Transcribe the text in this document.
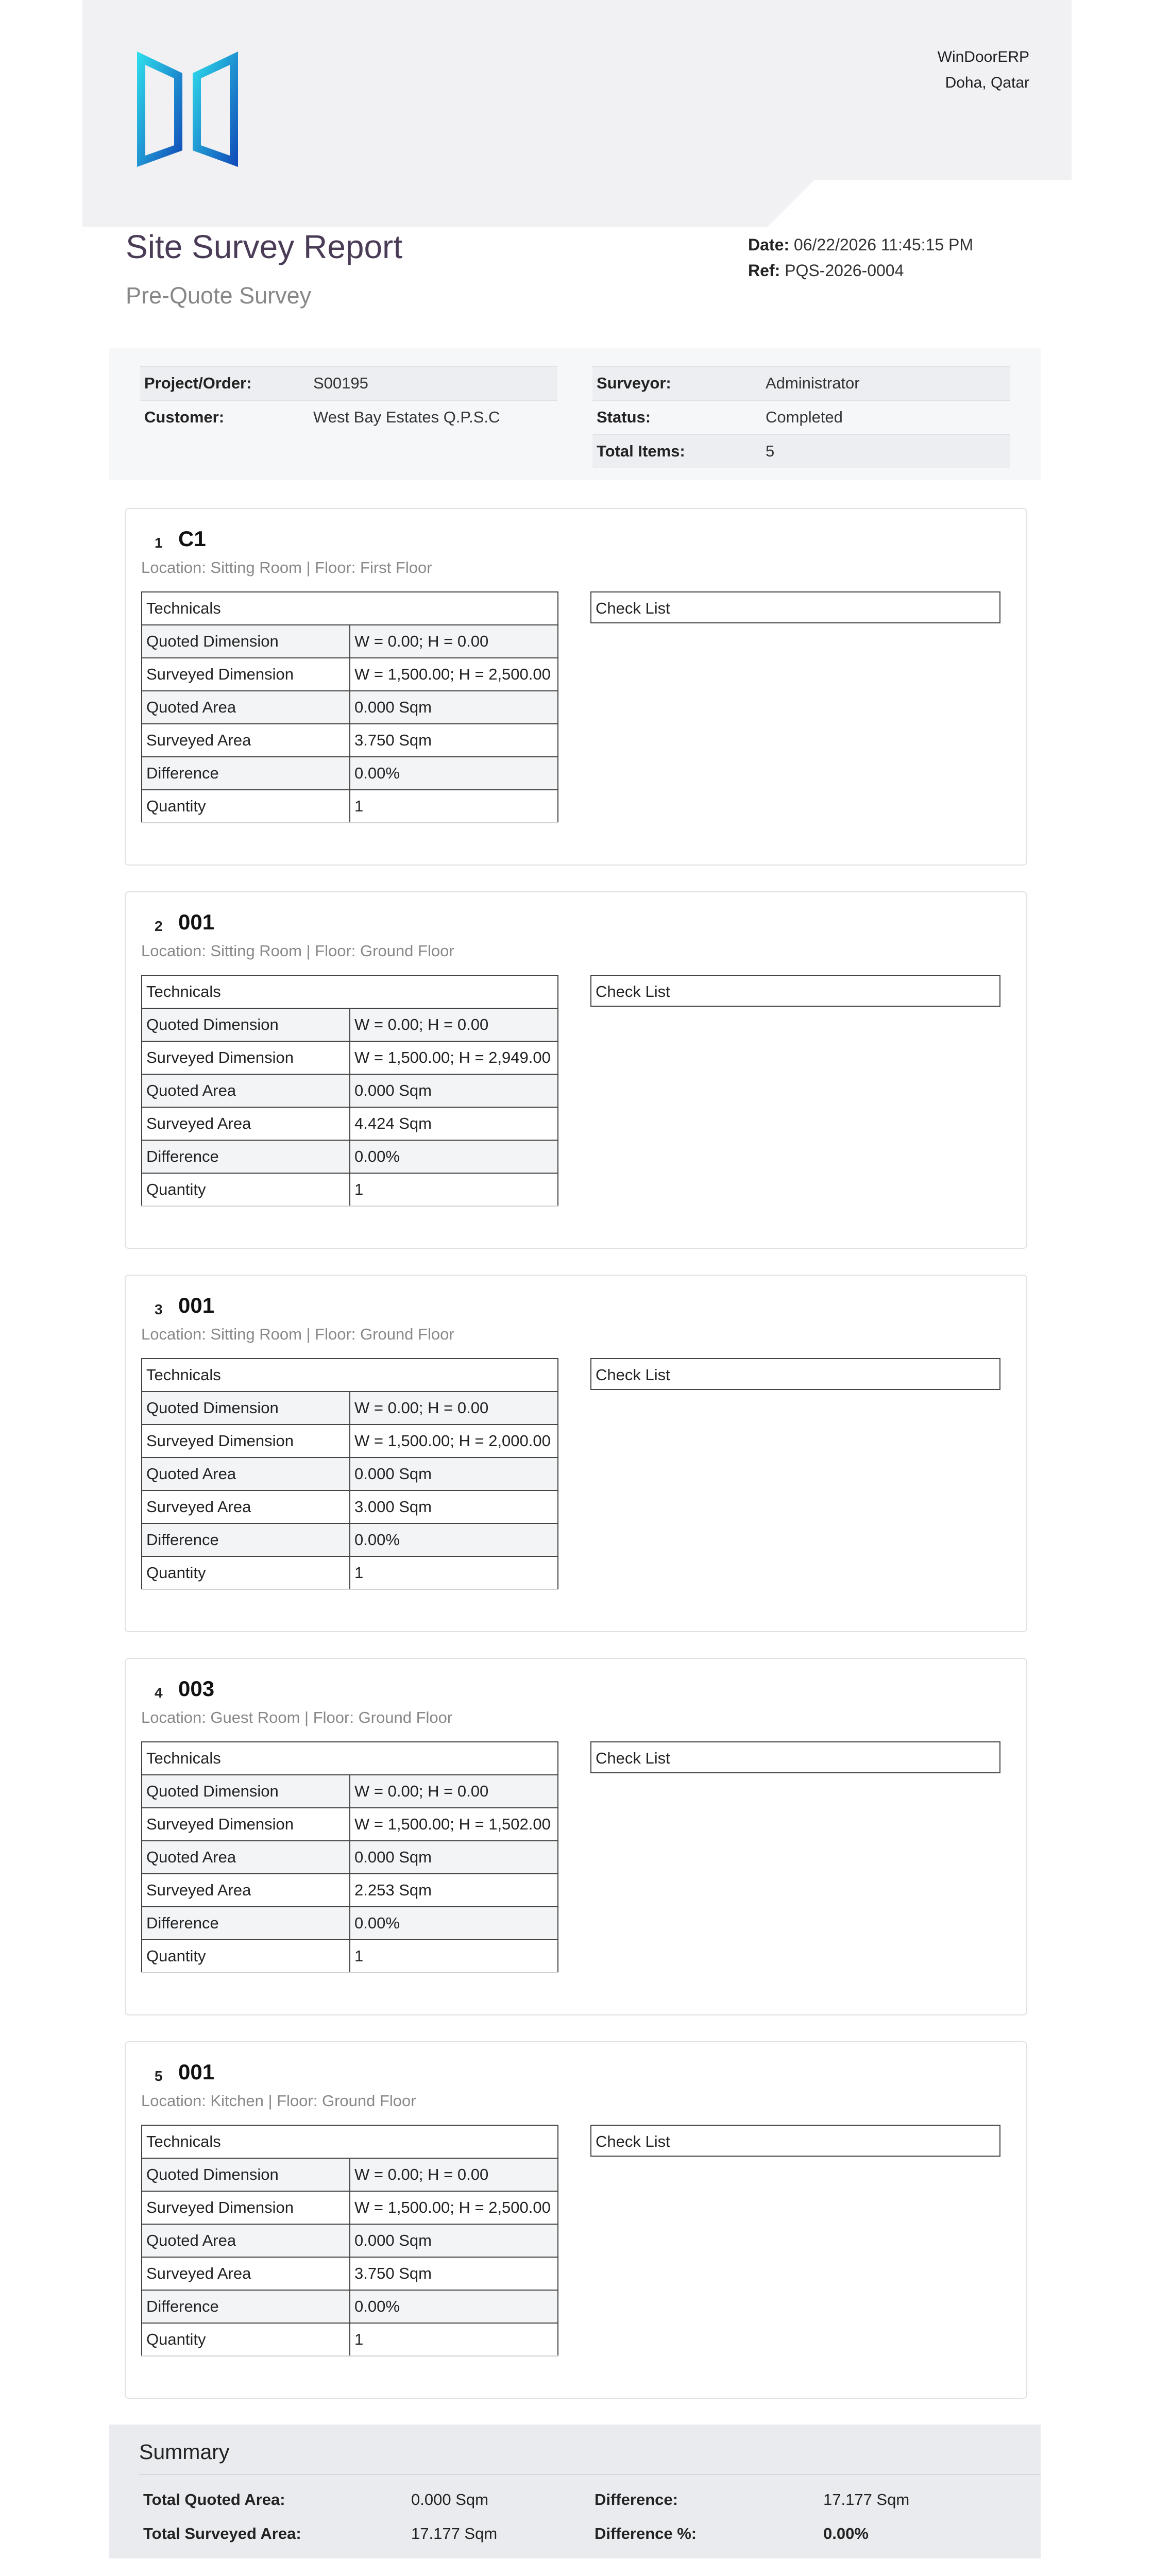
WinDoorERP
Doha, Qatar
Site Survey Report
Pre-Quote Survey
Date: 06/22/2026 11:45:15 PM
Ref: PQS-2026-0004
Project/Order:	S00195
Customer:	West Bay Estates Q.P.S.C
Surveyor:	Administrator
Status:	Completed
Total Items:	5
1 C1
Location: Sitting Room | Floor: First Floor
Technicals	
Quoted Dimension	W = 0.00; H = 0.00
Surveyed Dimension	W = 1,500.00; H = 2,500.00
Quoted Area	0.000 Sqm
Surveyed Area	3.750 Sqm
Difference	0.00%
Quantity	1
Check List
2 001
Location: Sitting Room | Floor: Ground Floor
Technicals	
Quoted Dimension	W = 0.00; H = 0.00
Surveyed Dimension	W = 1,500.00; H = 2,949.00
Quoted Area	0.000 Sqm
Surveyed Area	4.424 Sqm
Difference	0.00%
Quantity	1
Check List
3 001
Location: Sitting Room | Floor: Ground Floor
Technicals	
Quoted Dimension	W = 0.00; H = 0.00
Surveyed Dimension	W = 1,500.00; H = 2,000.00
Quoted Area	0.000 Sqm
Surveyed Area	3.000 Sqm
Difference	0.00%
Quantity	1
Check List
4 003
Location: Guest Room | Floor: Ground Floor
Technicals	
Quoted Dimension	W = 0.00; H = 0.00
Surveyed Dimension	W = 1,500.00; H = 1,502.00
Quoted Area	0.000 Sqm
Surveyed Area	2.253 Sqm
Difference	0.00%
Quantity	1
Check List
5 001
Location: Kitchen | Floor: Ground Floor
Technicals	
Quoted Dimension	W = 0.00; H = 0.00
Surveyed Dimension	W = 1,500.00; H = 2,500.00
Quoted Area	0.000 Sqm
Surveyed Area	3.750 Sqm
Difference	0.00%
Quantity	1
Check List
Summary
Total Quoted Area:	0.000 Sqm
Total Surveyed Area:	17.177 Sqm
Difference:	17.177 Sqm
Difference %:	0.00%
